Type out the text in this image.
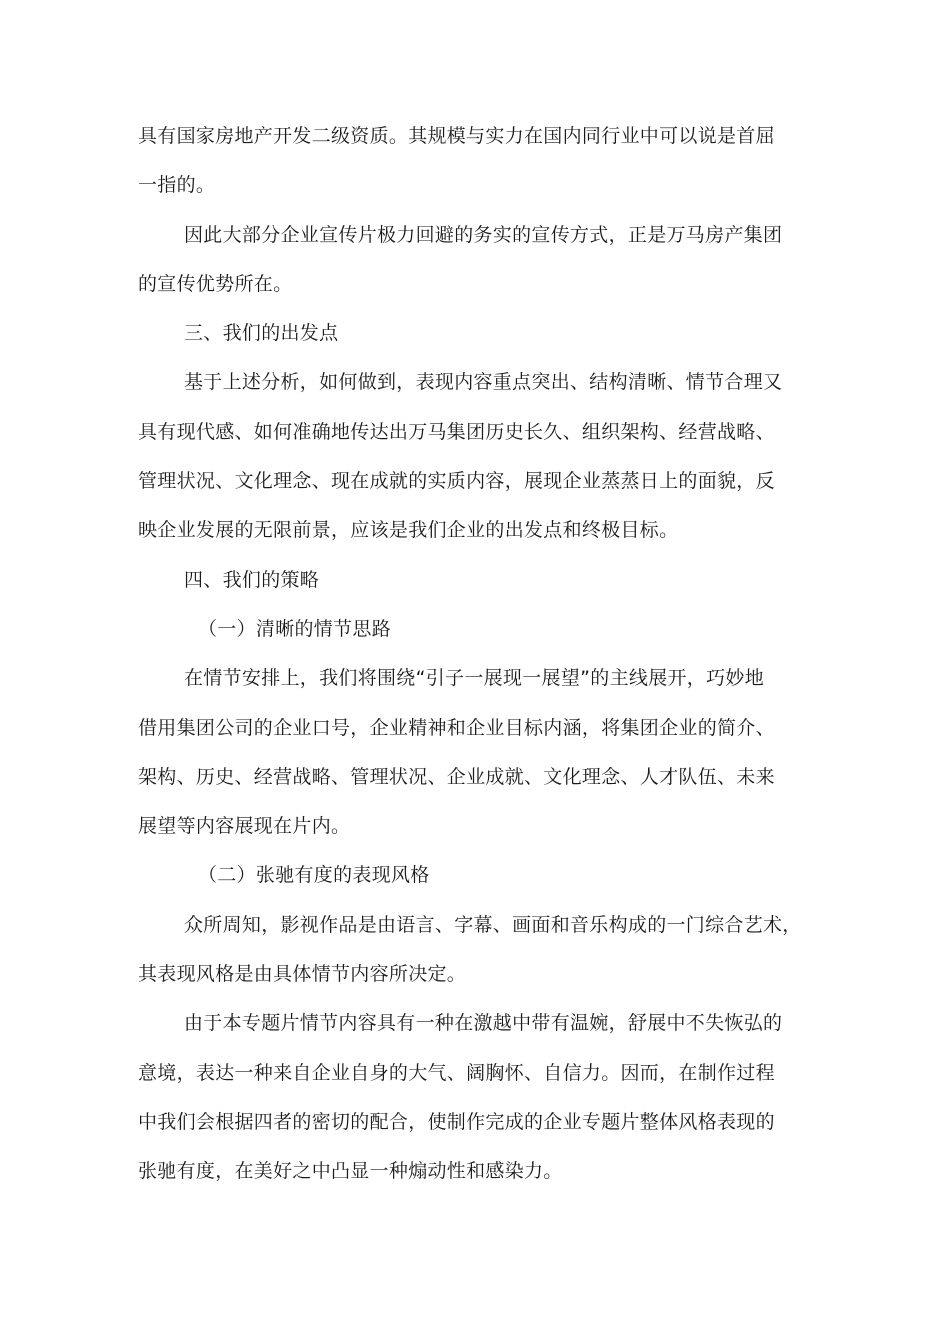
具有国家房地产开发二级资质。其规模与实力在国内同行业中可以说是首屈
一指的。

因此大部分企业宣传片极力回避的务实的宣传方式，正是万马房产集团
的宣传优势所在。

三、我们的出发点

基于上述分析，如何做到，表现内容重点突出、结构清晰、情节合理又
具有现代感、如何准确地传达出万马集团历史长久、组织架构、经营战略、
管理状况、文化理念、现在成就的实质内容，展现企业蒸蒸日上的面貌，反
映企业发展的无限前景，应该是我们企业的出发点和终极目标。

四、我们的策略

（一）清晰的情节思路

在情节安排上，我们将围绕“引子一展现一展望”的主线展开，巧妙地
借用集团公司的企业口号，企业精神和企业目标内涵，将集团企业的简介、
架构、历史、经营战略、管理状况、企业成就、文化理念、人才队伍、未来
展望等内容展现在片内。

（二）张驰有度的表现风格

众所周知，影视作品是由语言、字幕、画面和音乐构成的一门综合艺术，
其表现风格是由具体情节内容所决定。

由于本专题片情节内容具有一种在激越中带有温婉，舒展中不失恢弘的
意境，表达一种来自企业自身的大气、阔胸怀、自信力。因而，在制作过程
中我们会根据四者的密切的配合，使制作完成的企业专题片整体风格表现的
张驰有度，在美好之中凸显一种煽动性和感染力。
